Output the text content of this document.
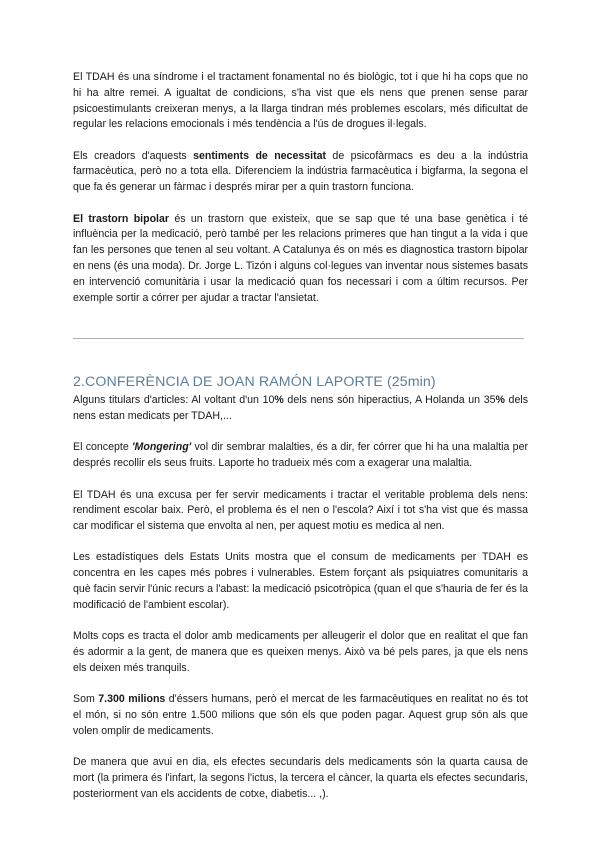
El TDAH és una síndrome i el tractament fonamental no és biològic, tot i que hi ha cops que no hi ha altre remei. A igualtat de condicions, s'ha vist que els nens que prenen sense parar psicoestimulants creixeran menys, a la llarga tindran més problemes escolars, més dificultat de regular les relacions emocionals i més tendència a l'ús de drogues il·legals.

Els creadors d'aquests sentiments de necessitat de psicofàrmacs es deu a la indústria farmacèutica, però no a tota ella. Diferenciem la indústria farmacèutica i bigfarma, la segona el que fa és generar un fàrmac i després mirar per a quin trastorn funciona.

El trastorn bipolar és un trastorn que existeix, que se sap que té una base genètica i té influència per la medicació, però també per les relacions primeres que han tingut a la vida i que fan les persones que tenen al seu voltant. A Catalunya és on més es diagnostica trastorn bipolar en nens (és una moda). Dr. Jorge L. Tizón i alguns col·legues van inventar nous sistemes basats en intervenció comunitària i usar la medicació quan fos necessari i com a últim recursos. Per exemple sortir a córrer per ajudar a tractar l'ansietat.

2.CONFERÈNCIA DE JOAN RAMÓN LAPORTE (25min)

Alguns titulars d'articles: Al voltant d'un 10% dels nens són hiperactius, A Holanda un 35% dels nens estan medicats per TDAH,...

El concepte 'Mongering' vol dir sembrar malalties, és a dir, fer córrer que hi ha una malaltia per després recollir els seus fruits. Laporte ho tradueix més com a exagerar una malaltia.

El TDAH és una excusa per fer servir medicaments i tractar el veritable problema dels nens: rendiment escolar baix. Però, el problema és el nen o l'escola? Així i tot s'ha vist que és massa car modificar el sistema que envolta al nen, per aquest motiu es medica al nen.

Les estadístiques dels Estats Units mostra que el consum de medicaments per TDAH es concentra en les capes més pobres i vulnerables. Estem forçant als psiquiatres comunitaris a què facin servir l'únic recurs a l'abast: la medicació psicotròpica (quan el que s'hauria de fer és la modificació de l'ambient escolar).

Molts cops es tracta el dolor amb medicaments per alleugerir el dolor que en realitat el que fan és adormir a la gent, de manera que es queixen menys. Això va bé pels pares, ja que els nens els deixen més tranquils.

Som 7.300 milions d'éssers humans, però el mercat de les farmacèutiques en realitat no és tot el món, si no són entre 1.500 milions que són els que poden pagar. Aquest grup són als que volen omplir de medicaments.

De manera que avui en dia, els efectes secundaris dels medicaments són la quarta causa de mort (la primera és l'infart, la segons l'ictus, la tercera el càncer, la quarta els efectes secundaris, posteriorment van els accidents de cotxe, diabetis... ,).
